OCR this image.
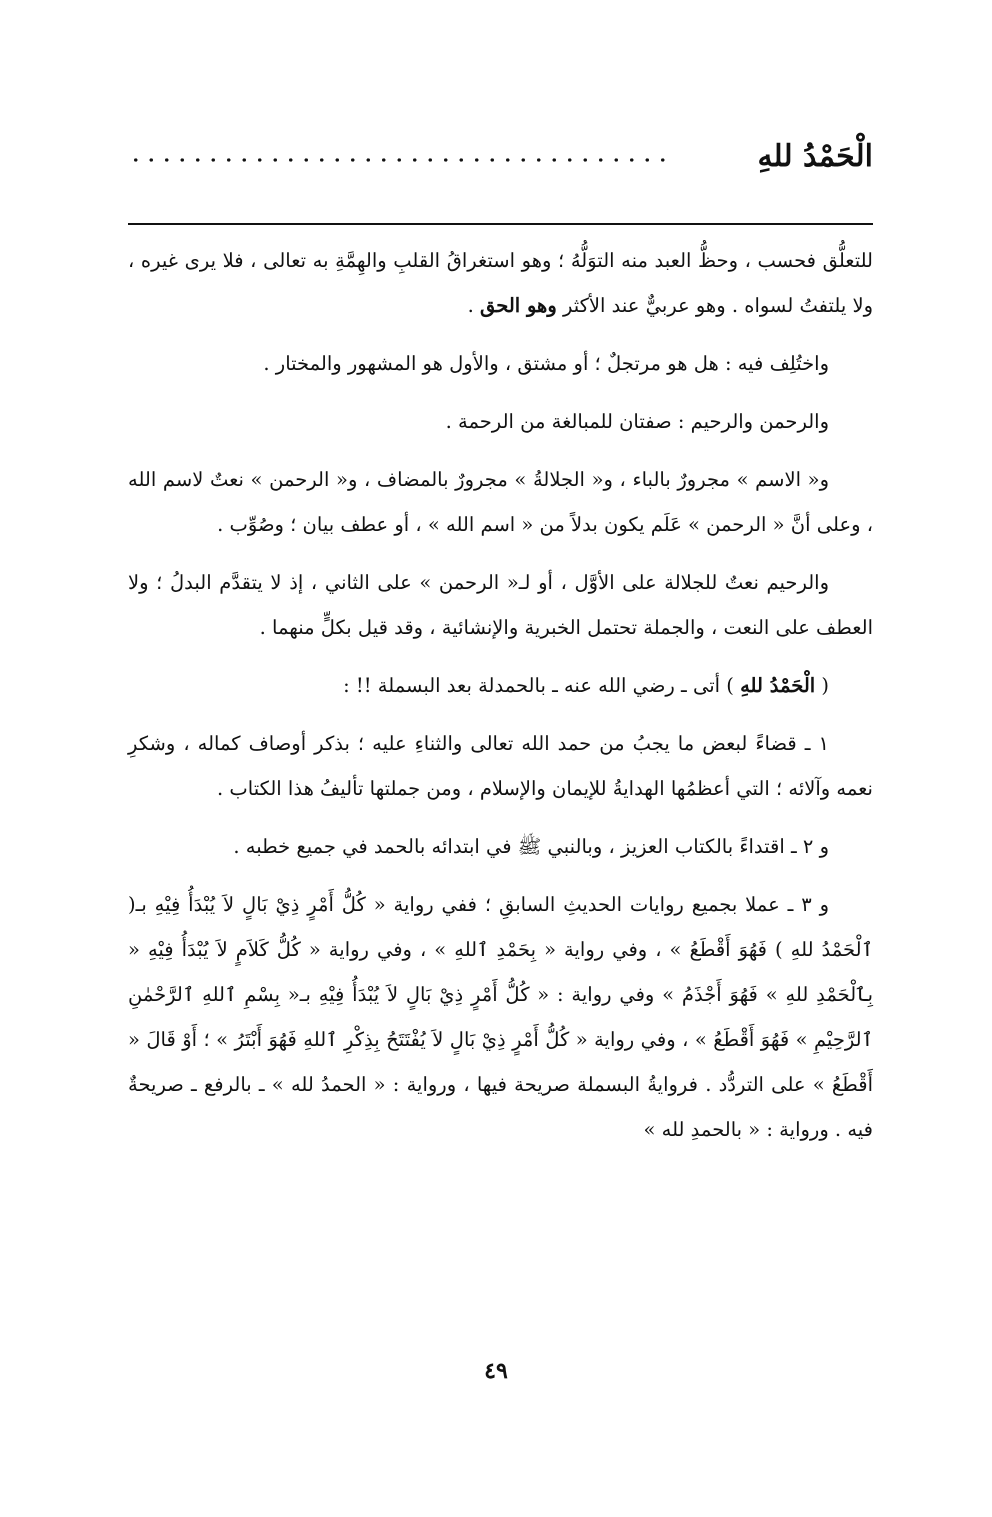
الْحَمْدُ للهِ

للتعلُّق فحسب ، وحظُّ العبد منه التوَلُّهُ ؛ وهو استغراقُ القلبِ والهِمَّةِ به تعالى ، فلا يرى غيره ، ولا يلتفتُ لسواه . وهو عربيٌّ عند الأكثر وهو الحق .

واختُلِف فيه : هل هو مرتجلٌ ؛ أو مشتق ، والأول هو المشهور والمختار .

والرحمن والرحيم : صفتان للمبالغة من الرحمة .

و« الاسم » مجرورٌ بالباء ، و« الجلالةُ » مجرورٌ بالمضاف ، و« الرحمن » نعتٌ لاسم الله ، وعلى أنَّ « الرحمن » عَلَم يكون بدلاً من « اسم الله » ، أو عطف بيان ؛ وصُوِّب .

والرحيم نعتٌ للجلالة على الأوَّل ، أو لـ« الرحمن » على الثاني ، إذ لا يتقدَّم البدلُ ؛ ولا العطف على النعت ، والجملة تحتمل الخبرية والإنشائية ، وقد قيل بكلٍّ منهما .

( الْحَمْدُ للهِ ) أتى ـ رضي الله عنه ـ بالحمدلة بعد البسملة !! :

١ ـ قضاءً لبعض ما يجبُ من حمد الله تعالى والثناءِ عليه ؛ بذكر أوصاف كماله ، وشكرِ نعمه وآلائه ؛ التي أعظمُها الهدايةُ للإيمان والإسلام ، ومن جملتها تأليفُ هذا الكتاب .

و ٢ ـ اقتداءً بالكتاب العزيز ، وبالنبي ﷺ في ابتدائه بالحمد في جميع خطبه .

و ٣ ـ عملا بجميع روايات الحديثِ السابقِ ؛ ففي رواية « كُلُّ أَمْرٍ ذِيْ بَالٍ لاَ يُبْدَأُ فِيْهِ بـ( ٱلْحَمْدُ للهِ ) فَهُوَ أَقْطَعُ » ، وفي رواية « بِحَمْدِ ٱللهِ » ، وفي رواية « كُلُّ كَلاَمٍ لاَ يُبْدَأُ فِيْهِ « بِٱلْحَمْدِ للهِ » فَهُوَ أَجْذَمُ » وفي رواية : « كُلُّ أَمْرٍ ذِيْ بَالٍ لاَ يُبْدَأُ فِيْهِ بـ« بِسْمِ ٱللهِ ٱلرَّحْمٰنِ ٱلرَّحِيْمِ » فَهُوَ أَقْطَعُ » ، وفي رواية « كُلُّ أَمْرٍ ذِيْ بَالٍ لاَ يُفْتَتَحُ بِذِكْرِ ٱللهِ فَهُوَ أَبْتَرُ » ؛ أَوْ قَالَ « أَقْطَعُ » على التردُّد . فروايةُ البسملة صريحة فيها ، ورواية : « الحمدُ لله » ـ بالرفع ـ صريحةٌ فيه . ورواية : « بالحمدِ لله »

٤٩
